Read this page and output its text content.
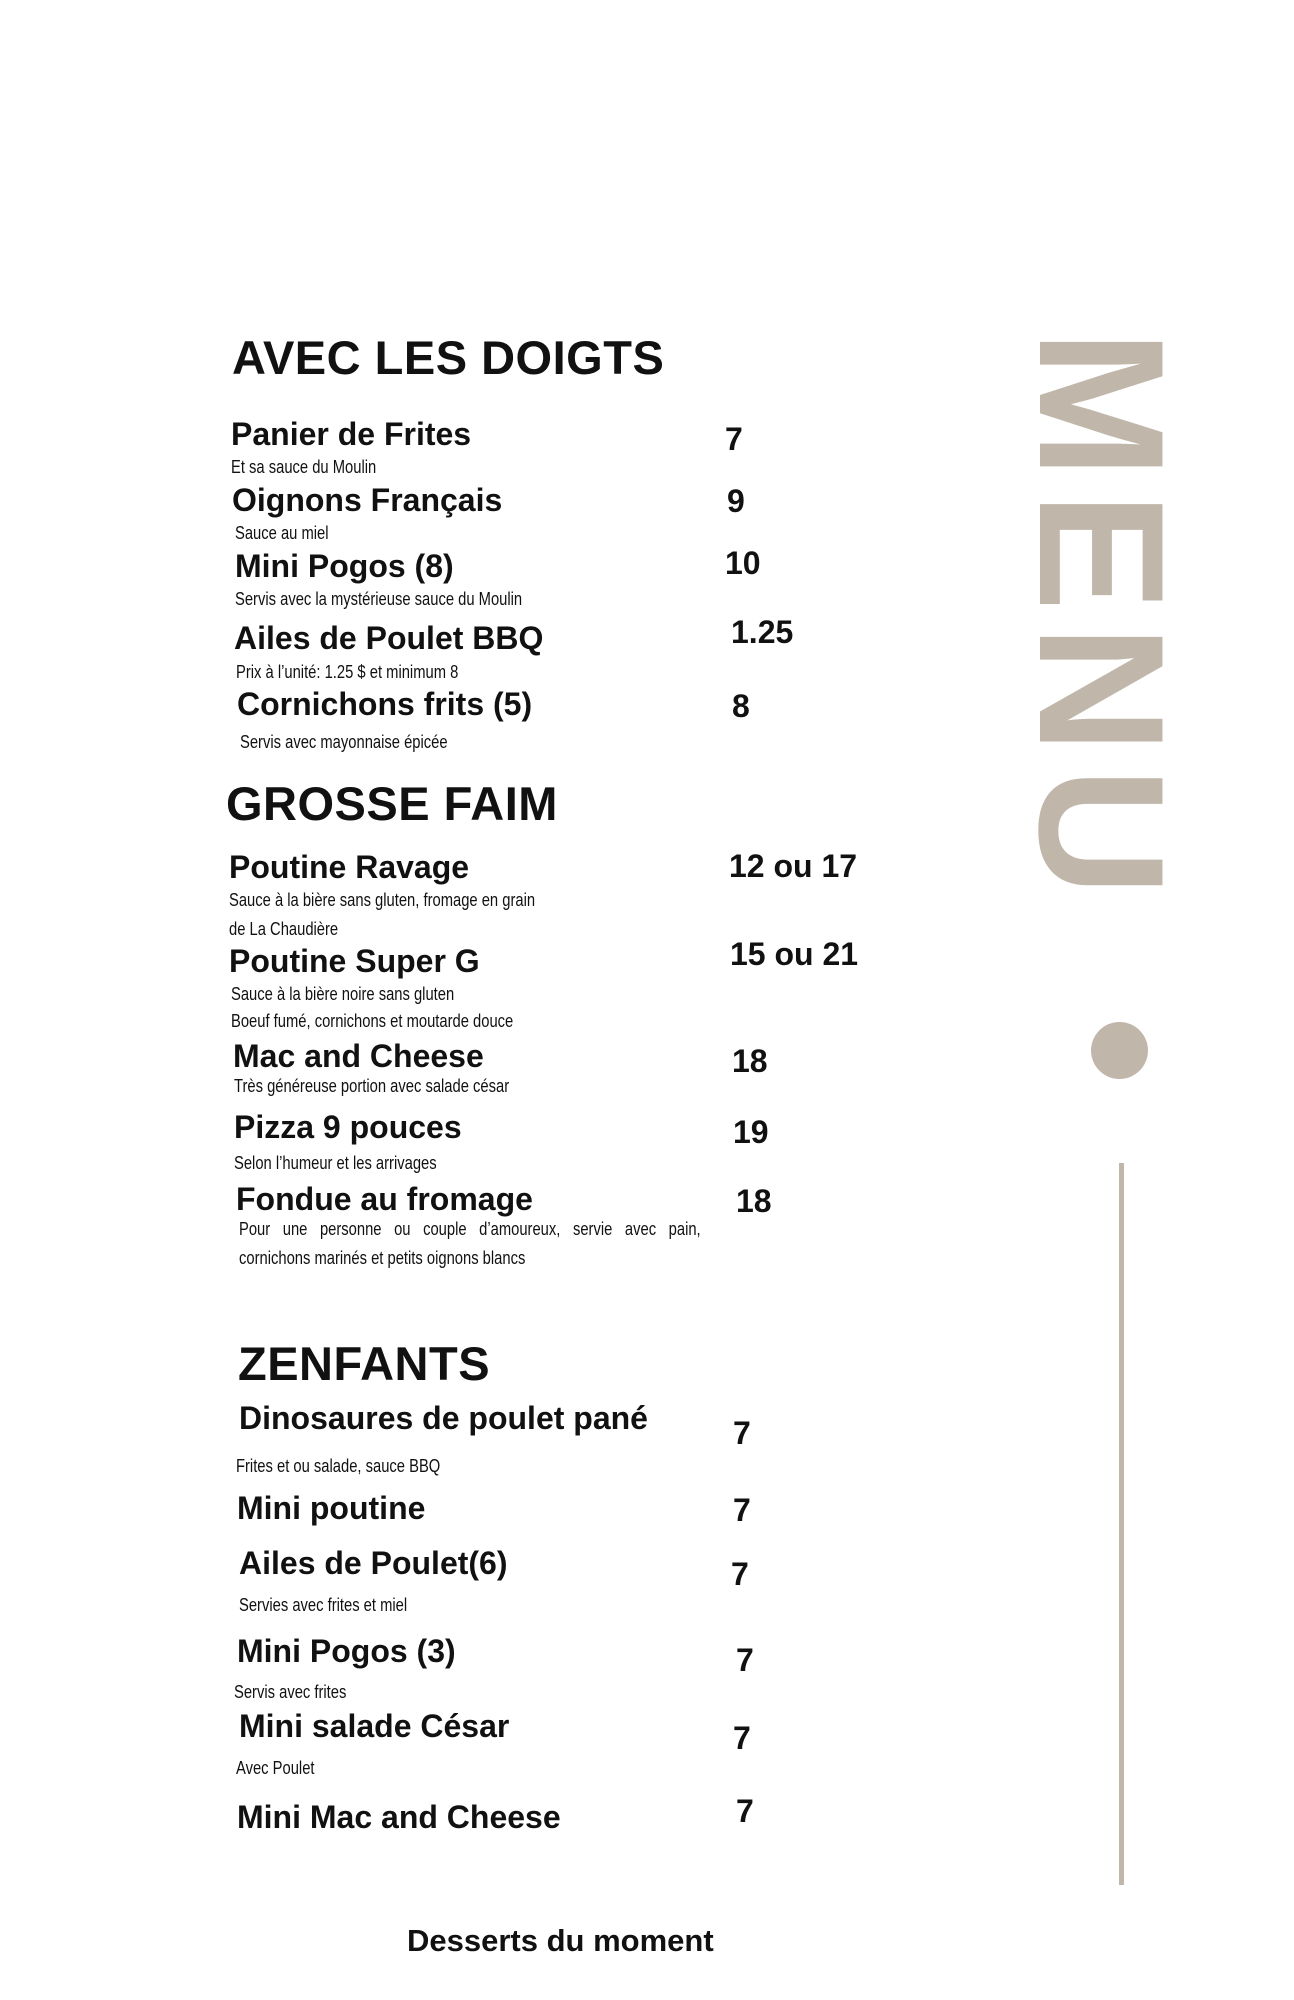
AVEC LES DOIGTS
Panier de Frites
Et sa sauce du Moulin
7
Oignons Français
Sauce au miel
9
Mini Pogos (8)
Servis avec la mystérieuse sauce du Moulin
10
Ailes de Poulet BBQ
Prix à l’unité: 1.25 $ et minimum 8
1.25
Cornichons frits (5)
Servis avec mayonnaise épicée
8
GROSSE FAIM
Poutine Ravage
Sauce à la bière sans gluten, fromage en grain
de La Chaudière
12 ou 17
Poutine Super G
Sauce à la bière noire sans gluten
Boeuf fumé, cornichons et moutarde douce
15 ou 21
Mac and Cheese
Très généreuse portion avec salade césar
18
Pizza 9 pouces
Selon l’humeur et les arrivages
19
Fondue au fromage
Pour une personne ou couple d’amoureux, servie avec pain, cornichons marinés et petits oignons blancs
18
ZENFANTS
Dinosaures de poulet pané
Frites et ou salade, sauce BBQ
7
Mini poutine	7
Ailes de Poulet(6)
Servies avec frites et miel
7
Mini Pogos (3)
Servis avec frites
7
Mini salade César
Avec Poulet
7
Mini Mac and Cheese	7
MENU
Desserts du moment
